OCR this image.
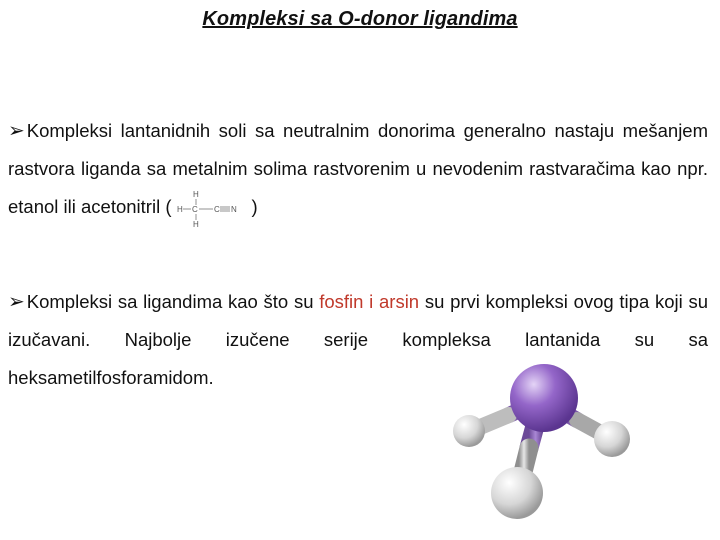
Kompleksi sa O-donor ligandima
➢ Kompleksi lantanidnih soli sa neutralnim donorima generalno nastaju mešanjem rastvora liganda sa metalnim solima rastvorenim u nevodenim rastvaračima kao npr. etanol ili acetonitril (
H
H C C N
H
)
➢ Kompleksi sa ligandima kao što su fosfin i arsin su prvi kompleksi ovog tipa koji su izučavani. Najbolje izučene serije kompleksa lantanida su sa heksametilfosforamidom.
